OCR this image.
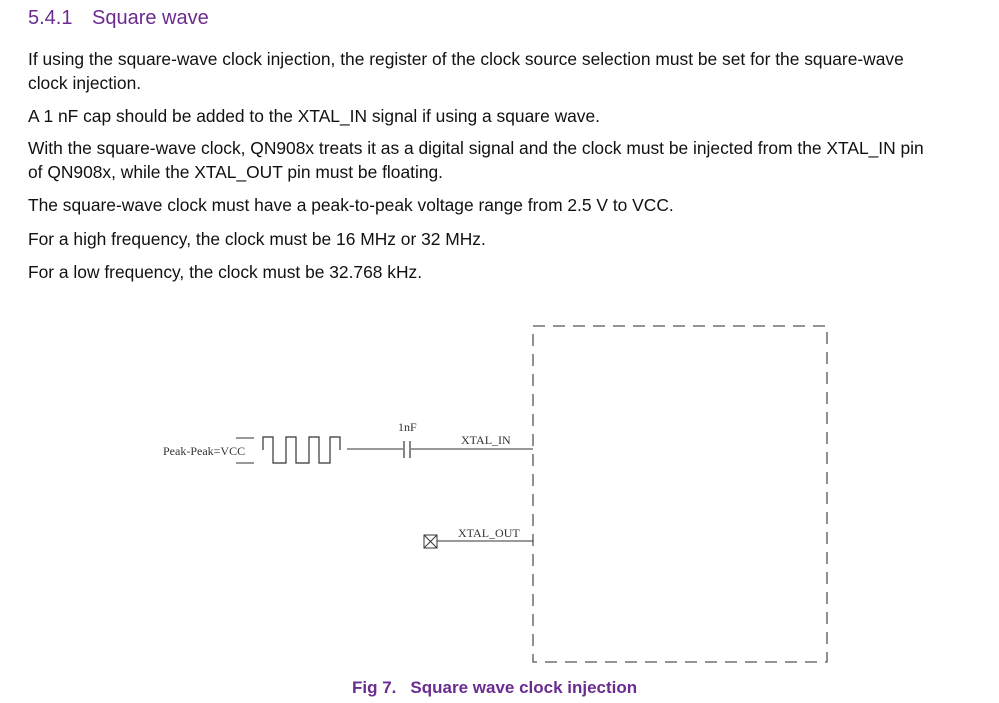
5.4.1 Square wave

If using the square-wave clock injection, the register of the clock source selection must be set for the square-wave clock injection.

A 1 nF cap should be added to the XTAL_IN signal if using a square wave.

With the square-wave clock, QN908x treats it as a digital signal and the clock must be injected from the XTAL_IN pin of QN908x, while the XTAL_OUT pin must be floating.

The square-wave clock must have a peak-to-peak voltage range from 2.5 V to VCC.

For a high frequency, the clock must be 16 MHz or 32 MHz.

For a low frequency, the clock must be 32.768 kHz.

Peak-Peak=VCC
1nF
XTAL_IN
XTAL_OUT

Fig 7. Square wave clock injection
